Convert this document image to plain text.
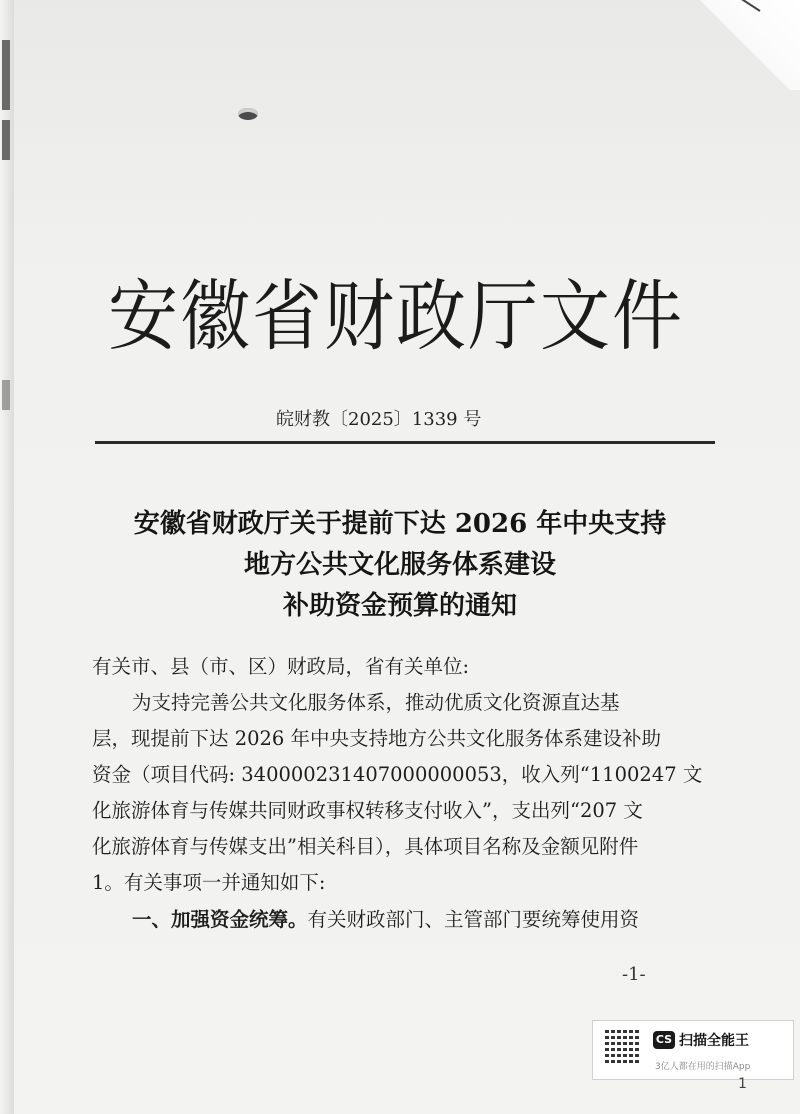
安徽省财政厅文件
皖财教〔2025〕1339 号
安徽省财政厅关于提前下达 2026 年中央支持
地方公共文化服务体系建设
补助资金预算的通知
有关市、县（市、区）财政局，省有关单位:
为支持完善公共文化服务体系，推动优质文化资源直达基
层，现提前下达 2026 年中央支持地方公共文化服务体系建设补助
资金（项目代码: 340000231407000000053，收入列“1100247 文
化旅游体育与传媒共同财政事权转移支付收入”，支出列“207 文
化旅游体育与传媒支出”相关科目），具体项目名称及金额见附件
1。有关事项一并通知如下:
一、加强资金统筹。有关财政部门、主管部门要统筹使用资
-1-
CS 扫描全能王
3亿人都在用的扫描App
1
